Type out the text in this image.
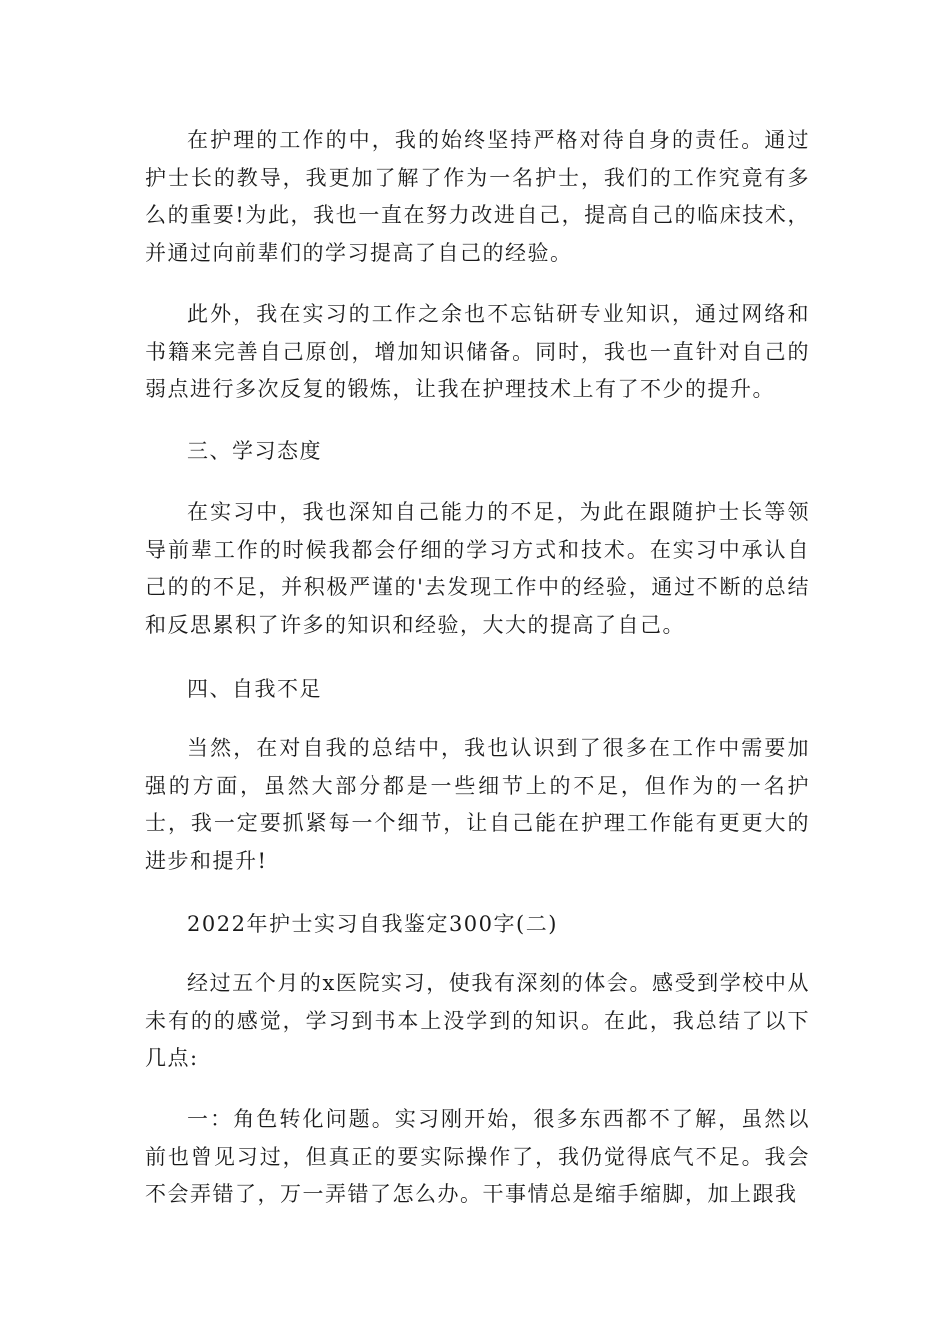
在护理的工作的中，我的始终坚持严格对待自身的责任。通过护士长的教导，我更加了解了作为一名护士，我们的工作究竟有多么的重要!为此，我也一直在努力改进自己，提高自己的临床技术，并通过向前辈们的学习提高了自己的经验。

此外，我在实习的工作之余也不忘钻研专业知识，通过网络和书籍来完善自己原创，增加知识储备。同时，我也一直针对自己的弱点进行多次反复的锻炼，让我在护理技术上有了不少的提升。

三、学习态度

在实习中，我也深知自己能力的不足，为此在跟随护士长等领导前辈工作的时候我都会仔细的学习方式和技术。在实习中承认自己的的不足，并积极严谨的'去发现工作中的经验，通过不断的总结和反思累积了许多的知识和经验，大大的提高了自己。

四、自我不足

当然，在对自我的总结中，我也认识到了很多在工作中需要加强的方面，虽然大部分都是一些细节上的不足，但作为的一名护士，我一定要抓紧每一个细节，让自己能在护理工作能有更更大的进步和提升!

2022年护士实习自我鉴定300字(二)

经过五个月的x医院实习，使我有深刻的体会。感受到学校中从未有的的感觉，学习到书本上没学到的知识。在此，我总结了以下几点:

一：角色转化问题。实习刚开始，很多东西都不了解，虽然以前也曾见习过，但真正的要实际操作了，我仍觉得底气不足。我会不会弄错了，万一弄错了怎么办。干事情总是缩手缩脚，加上跟我
